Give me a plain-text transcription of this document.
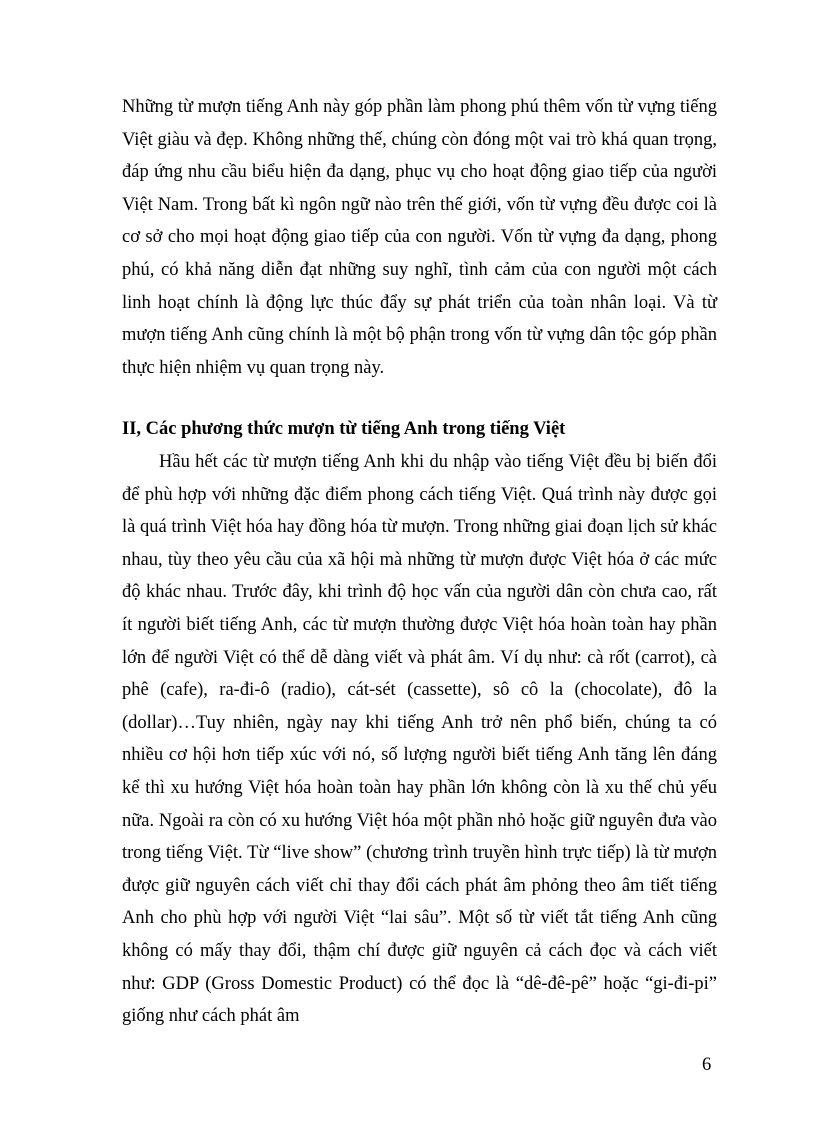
Những từ mượn tiếng Anh này góp phần làm phong phú thêm vốn từ vựng tiếng Việt giàu và đẹp. Không những thế, chúng còn đóng một vai trò khá quan trọng, đáp ứng nhu cầu biểu hiện đa dạng, phục vụ cho hoạt động giao tiếp của người Việt Nam. Trong bất kì ngôn ngữ nào trên thế giới, vốn từ vựng đều được coi là cơ sở cho mọi hoạt động giao tiếp của con người. Vốn từ vựng đa dạng, phong phú, có khả năng diễn đạt những suy nghĩ, tình cảm của con người một cách linh hoạt chính là động lực thúc đẩy sự phát triển của toàn nhân loại. Và từ mượn tiếng Anh cũng chính là một bộ phận trong vốn từ vựng dân tộc góp phần thực hiện nhiệm vụ quan trọng này.

II, Các phương thức mượn từ tiếng Anh trong tiếng Việt

Hầu hết các từ mượn tiếng Anh khi du nhập vào tiếng Việt đều bị biến đổi để phù hợp với những đặc điểm phong cách tiếng Việt. Quá trình này được gọi là quá trình Việt hóa hay đồng hóa từ mượn. Trong những giai đoạn lịch sử khác nhau, tùy theo yêu cầu của xã hội mà những từ mượn được Việt hóa ở các mức độ khác nhau. Trước đây, khi trình độ học vấn của người dân còn chưa cao, rất ít người biết tiếng Anh, các từ mượn thường được Việt hóa hoàn toàn hay phần lớn để người Việt có thể dễ dàng viết và phát âm. Ví dụ như: cà rốt (carrot), cà phê (cafe), ra-đi-ô (radio), cát-sét (cassette), sô cô la (chocolate), đô la (dollar)…Tuy nhiên, ngày nay khi tiếng Anh trở nên phổ biến, chúng ta có nhiều cơ hội hơn tiếp xúc với nó, số lượng người biết tiếng Anh tăng lên đáng kể thì xu hướng Việt hóa hoàn toàn hay phần lớn không còn là xu thế chủ yếu nữa. Ngoài ra còn có xu hướng Việt hóa một phần nhỏ hoặc giữ nguyên đưa vào trong tiếng Việt. Từ “live show” (chương trình truyền hình trực tiếp) là từ mượn được giữ nguyên cách viết chỉ thay đổi cách phát âm phỏng theo âm tiết tiếng Anh cho phù hợp với người Việt “lai sâu”. Một số từ viết tắt tiếng Anh cũng không có mấy thay đổi, thậm chí được giữ nguyên cả cách đọc và cách viết như: GDP (Gross Domestic Product) có thể đọc là “dê-đê-pê” hoặc “gi-đi-pi” giống như cách phát âm

6
